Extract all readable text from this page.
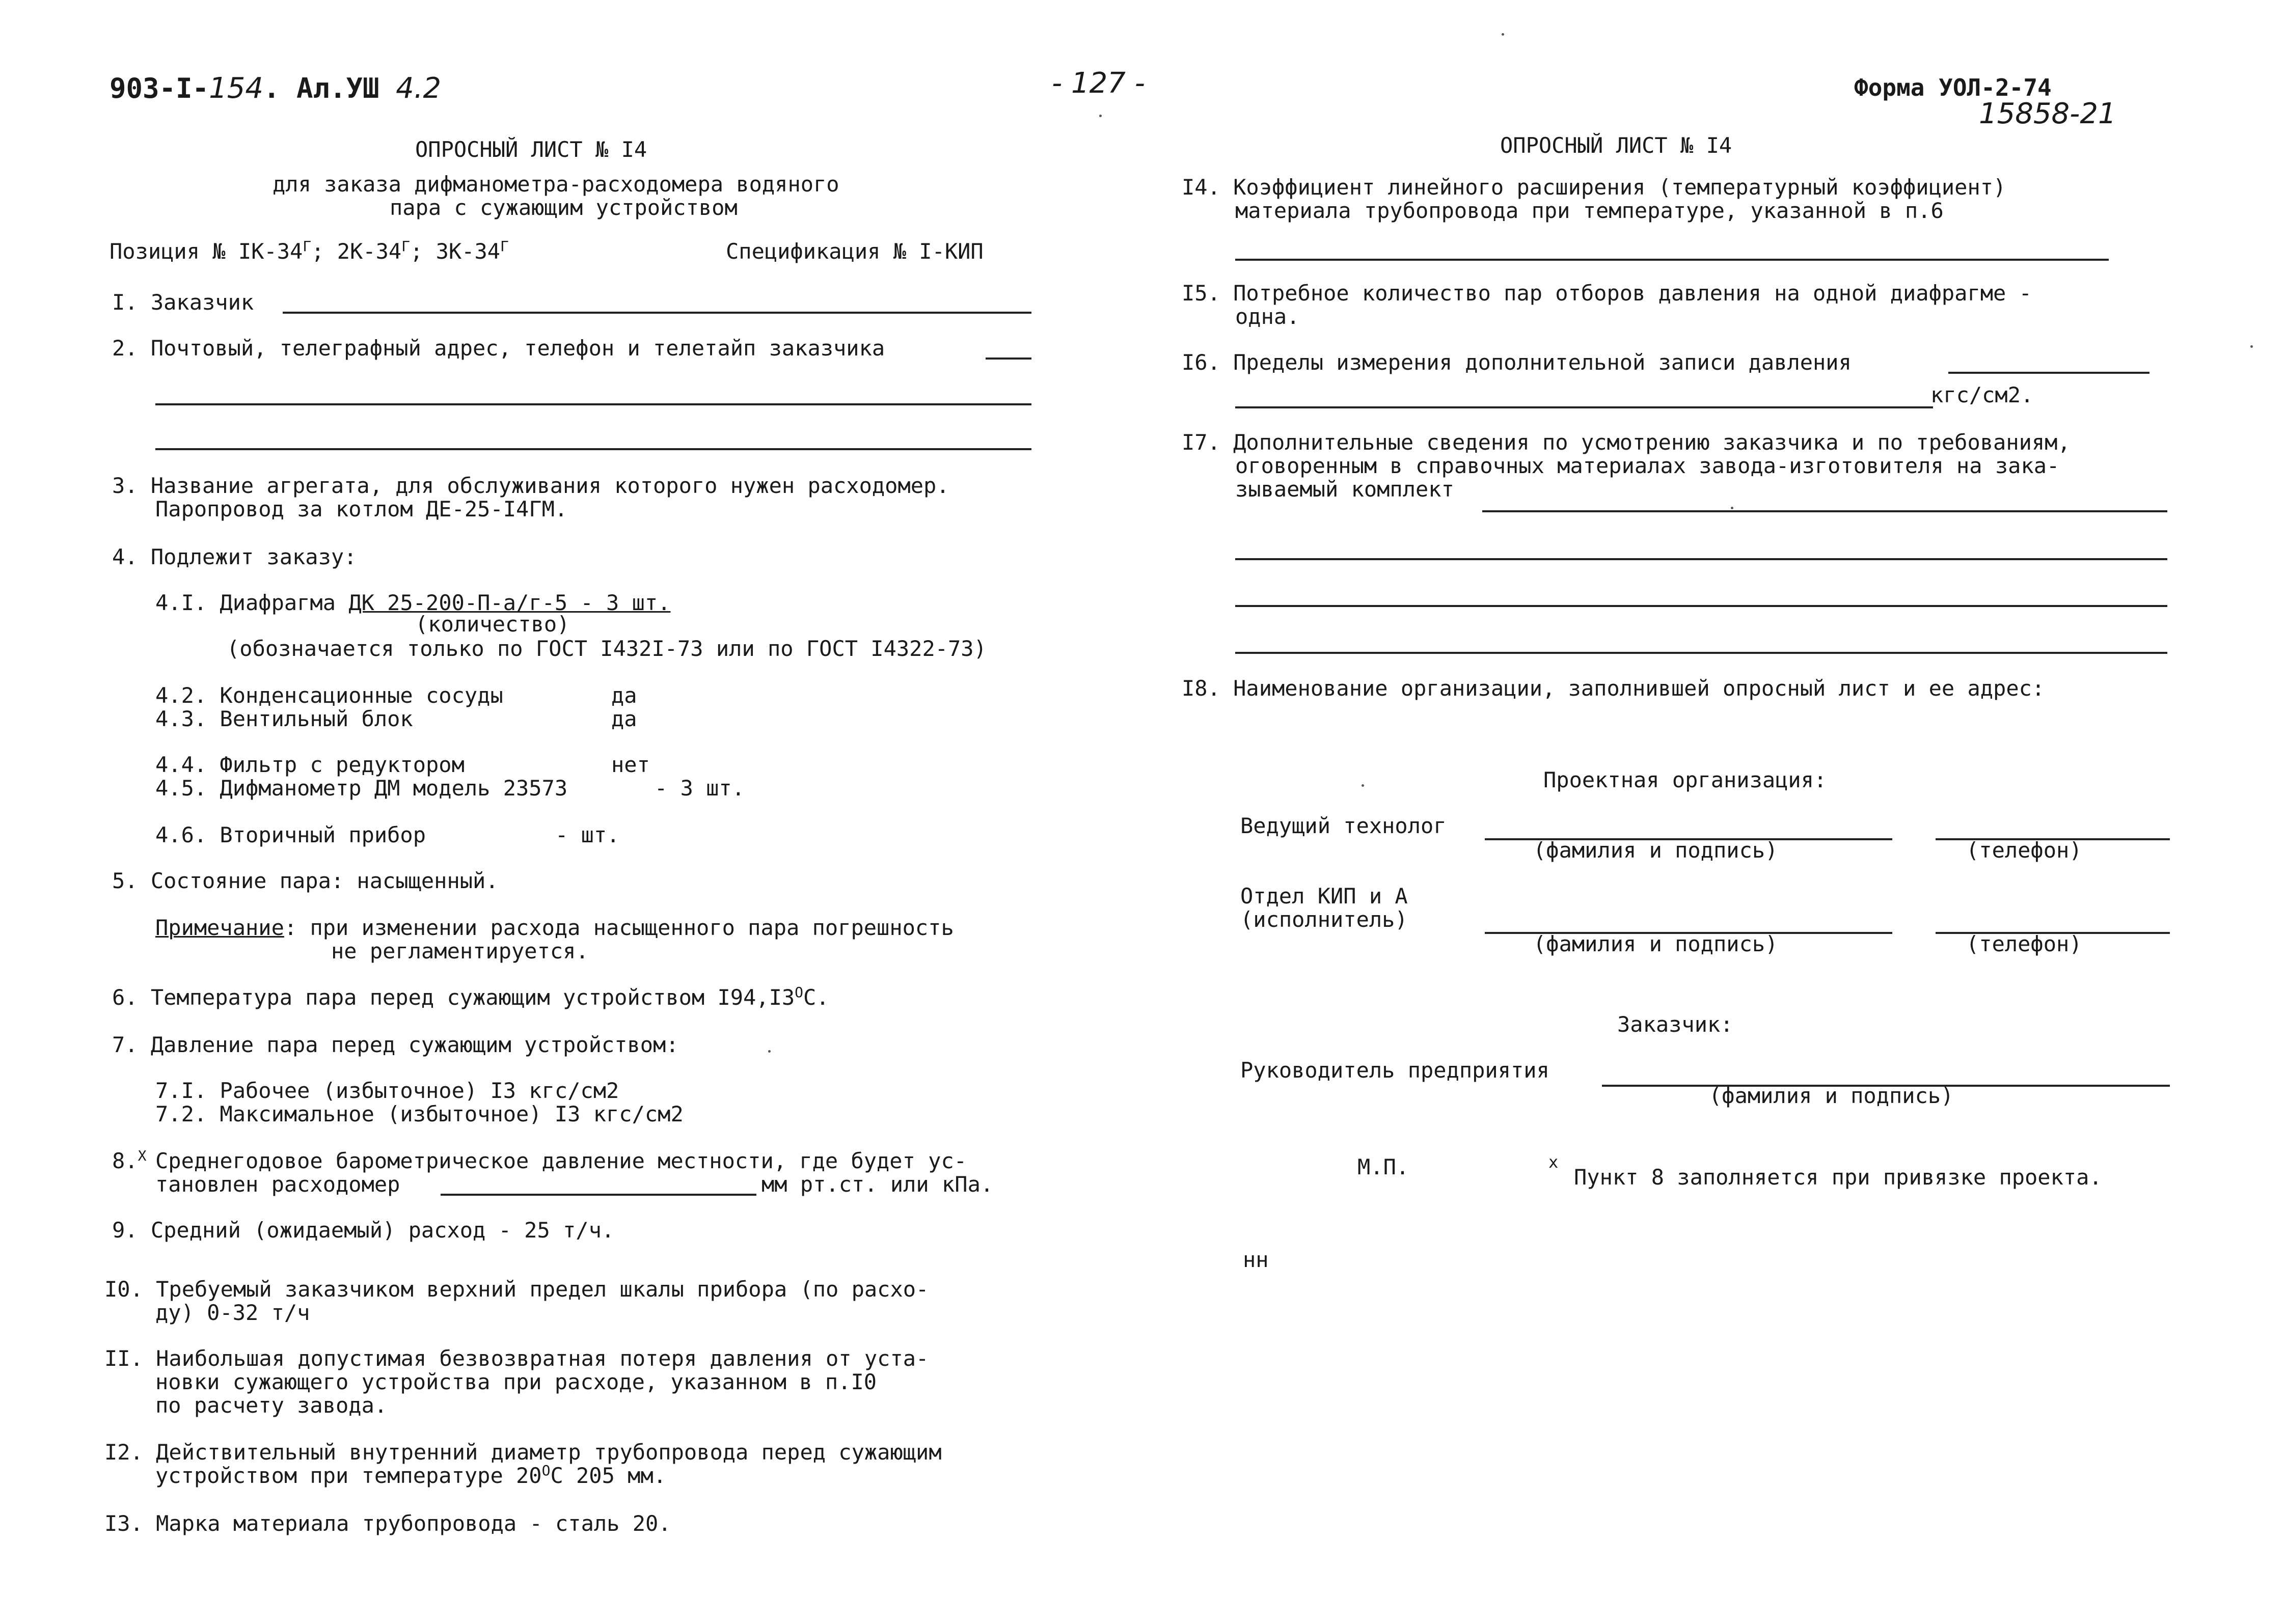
903-I-154. Ал.УШ 4.2	- 127 -	Форма УОЛ-2-74
15858-21
ОПРОСНЫЙ ЛИСТ № I4
для заказа дифманометра-расходомера водяного
пара с сужающим устройством
Позиция № $IК-34^Г$; $2К-34^Г$; $3К-34^Г$	Спецификация № I-КИП
I. Заказчик
2. Почтовый, телеграфный адрес, телефон и телетайп заказчика
3. Название агрегата, для обслуживания которого нужен расходомер.
Паропровод за котлом ДЕ-25-I4ГМ.
4. Подлежит заказу:
4.I. Диафрагма ДК 25-200-П-а/г-5 - 3 шт.
(количество)
(обозначается только по ГОСТ I432I-73 или по ГОСТ I4322-73)
4.2. Конденсационные сосуды	да
4.3. Вентильный блок	да
4.4. Фильтр с редуктором	нет
4.5. Дифманометр ДМ модель 23573	- 3 шт.
4.6. Вторичный прибор	- шт.
5. Состояние пара: насыщенный.
Примечание: при изменении расхода насыщенного пара погрешность
не регламентируется.
6. Температура пара перед сужающим устройством $I94,I3^ОС$.
7. Давление пара перед сужающим устройством:
7.I. Рабочее (избыточное) I3 кгс/см2
7.2. Максимальное (избыточное) I3 кгс/см2
8.$^Х$ Среднегодовое барометрическое давление местности, где будет ус-
тановлен расходомер	мм рт.ст. или кПа.
9. Средний (ожидаемый) расход - 25 т/ч.
I0. Требуемый заказчиком верхний предел шкалы прибора (по расхо-
ду) 0-32 т/ч
II. Наибольшая допустимая безвозвратная потеря давления от уста-
новки сужающего устройства при расходе, указанном в п.I0
по расчету завода.
I2. Действительный внутренний диаметр трубопровода перед сужающим
устройством при температуре $20^ОС$ 205 мм.
I3. Марка материала трубопровода - сталь 20.
ОПРОСНЫЙ ЛИСТ № I4
I4. Коэффициент линейного расширения (температурный коэффициент)
материала трубопровода при температуре, указанной в п.6
I5. Потребное количество пар отборов давления на одной диафрагме -
одна.
I6. Пределы измерения дополнительной записи давления
кгс/см2.
I7. Дополнительные сведения по усмотрению заказчика и по требованиям,
оговоренным в справочных материалах завода-изготовителя на зака-
зываемый комплект
I8. Наименование организации, заполнившей опросный лист и ее адрес:
Проектная организация:
Ведущий технолог
(фамилия и подпись)	(телефон)
Отдел КИП и А
(исполнитель)
(фамилия и подпись)	(телефон)
Заказчик:
Руководитель предприятия
(фамилия и подпись)
М.П.	х
Пункт 8 заполняется при привязке проекта.
нн
